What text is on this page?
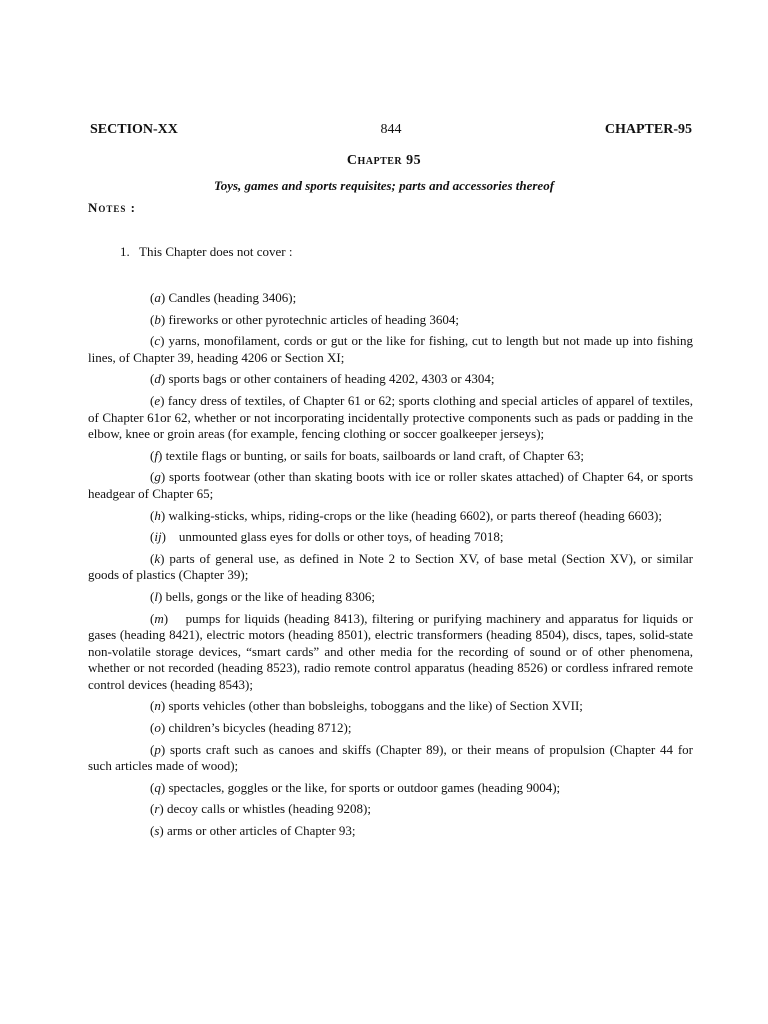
SECTION-XX	844	CHAPTER-95
Chapter 95
Toys, games and sports requisites; parts and accessories thereof
Notes :
1. This Chapter does not cover :

(a) Candles (heading 3406);

(b) fireworks or other pyrotechnic articles of heading 3604;

(c) yarns, monofilament, cords or gut or the like for fishing, cut to length but not made up into fishing lines, of Chapter 39, heading 4206 or Section XI;

(d) sports bags or other containers of heading 4202, 4303 or 4304;

(e) fancy dress of textiles, of Chapter 61 or 62; sports clothing and special articles of apparel of textiles, of Chapter 61or 62, whether or not incorporating incidentally protective components such as pads or padding in the elbow, knee or groin areas (for example, fencing clothing or soccer goalkeeper jerseys);

(f) textile flags or bunting, or sails for boats, sailboards or land craft, of Chapter 63;

(g) sports footwear (other than skating boots with ice or roller skates attached) of Chapter 64, or sports headgear of Chapter 65;

(h) walking-sticks, whips, riding-crops or the like (heading 6602), or parts thereof (heading 6603);

(ij)    unmounted glass eyes for dolls or other toys, of heading 7018;

(k) parts of general use, as defined in Note 2 to Section XV, of base metal (Section XV), or similar goods of plastics (Chapter 39);

(l) bells, gongs or the like of heading 8306;

(m)    pumps for liquids (heading 8413), filtering or purifying machinery and apparatus for liquids or gases (heading 8421), electric motors (heading 8501), electric transformers (heading 8504), discs, tapes, solid-state non-volatile storage devices, “smart cards” and other media for the recording of sound or of other phenomena, whether or not recorded (heading 8523), radio remote control apparatus (heading 8526) or cordless infrared remote control devices (heading 8543);

(n) sports vehicles (other than bobsleighs, toboggans and the like) of Section XVII;

(o) children’s bicycles (heading 8712);

(p) sports craft such as canoes and skiffs (Chapter 89), or their means of propulsion (Chapter 44 for such articles made of wood);

(q) spectacles, goggles or the like, for sports or outdoor games (heading 9004);

(r) decoy calls or whistles (heading 9208);

(s) arms or other articles of Chapter 93;
